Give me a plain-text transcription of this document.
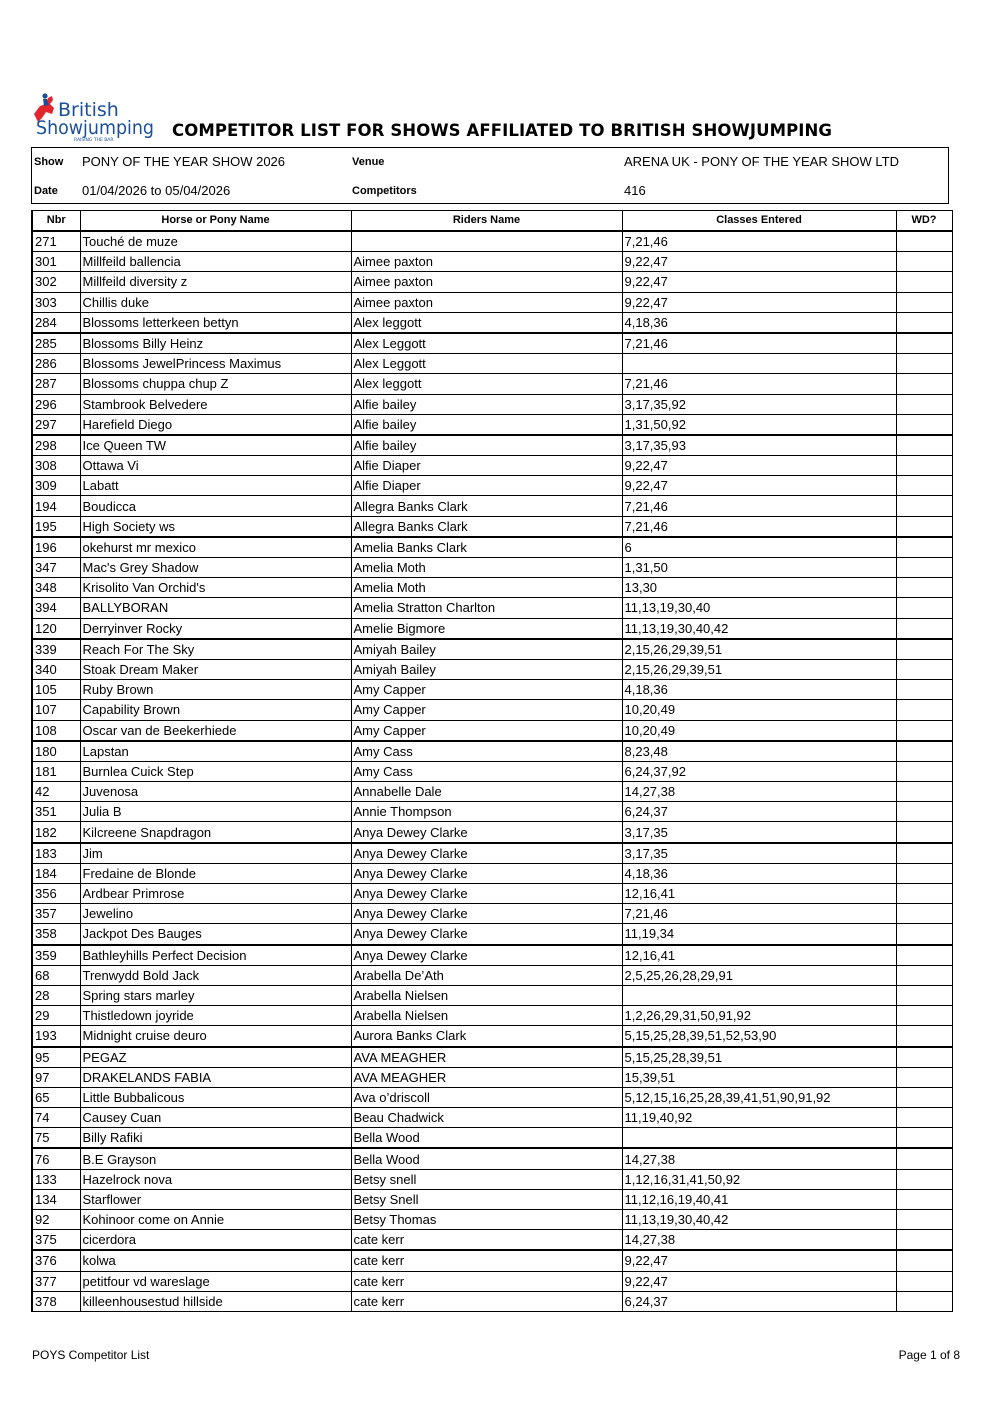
British
Showjumping
RAISING THE BAR
COMPETITOR LIST FOR SHOWS AFFILIATED TO BRITISH SHOWJUMPING
Show PONY OF THE YEAR SHOW 2026	Venue	ARENA UK - PONY OF THE YEAR SHOW LTD
Date 01/04/2026 to 05/04/2026	Competitors	416
Nbr	Horse or Pony Name	Riders Name	Classes Entered	WD?
271	Touché de muze		7,21,46	
301	Millfeild ballencia	Aimee paxton	9,22,47	
302	Millfeild diversity z	Aimee paxton	9,22,47	
303	Chillis duke	Aimee paxton	9,22,47	
284	Blossoms letterkeen bettyn	Alex leggott	4,18,36	
285	Blossoms Billy Heinz	Alex Leggott	7,21,46	
286	Blossoms JewelPrincess Maximus	Alex Leggott		
287	Blossoms chuppa chup Z	Alex leggott	7,21,46	
296	Stambrook Belvedere	Alfie bailey	3,17,35,92	
297	Harefield Diego	Alfie bailey	1,31,50,92	
298	Ice Queen TW	Alfie bailey	3,17,35,93	
308	Ottawa Vi	Alfie Diaper	9,22,47	
309	Labatt	Alfie Diaper	9,22,47	
194	Boudicca	Allegra Banks Clark	7,21,46	
195	High Society ws	Allegra Banks Clark	7,21,46	
196	okehurst mr mexico	Amelia Banks Clark	6	
347	Mac's Grey Shadow	Amelia Moth	1,31,50	
348	Krisolito Van Orchid's	Amelia Moth	13,30	
394	BALLYBORAN	Amelia Stratton Charlton	11,13,19,30,40	
120	Derryinver Rocky	Amelie Bigmore	11,13,19,30,40,42	
339	Reach For The Sky	Amiyah Bailey	2,15,26,29,39,51	
340	Stoak Dream Maker	Amiyah Bailey	2,15,26,29,39,51	
105	Ruby Brown	Amy Capper	4,18,36	
107	Capability Brown	Amy Capper	10,20,49	
108	Oscar van de Beekerhiede	Amy Capper	10,20,49	
180	Lapstan	Amy Cass	8,23,48	
181	Burnlea Cuick Step	Amy Cass	6,24,37,92	
42	Juvenosa	Annabelle Dale	14,27,38	
351	Julia B	Annie Thompson	6,24,37	
182	Kilcreene Snapdragon	Anya Dewey Clarke	3,17,35	
183	Jim	Anya Dewey Clarke	3,17,35	
184	Fredaine de Blonde	Anya Dewey Clarke	4,18,36	
356	Ardbear Primrose	Anya Dewey Clarke	12,16,41	
357	Jewelino	Anya Dewey Clarke	7,21,46	
358	Jackpot Des Bauges	Anya Dewey Clarke	11,19,34	
359	Bathleyhills Perfect Decision	Anya Dewey Clarke	12,16,41	
68	Trenwydd Bold Jack	Arabella De’Ath	2,5,25,26,28,29,91	
28	Spring stars marley	Arabella Nielsen		
29	Thistledown joyride	Arabella Nielsen	1,2,26,29,31,50,91,92	
193	Midnight cruise deuro	Aurora Banks Clark	5,15,25,28,39,51,52,53,90	
95	PEGAZ	AVA MEAGHER	5,15,25,28,39,51	
97	DRAKELANDS FABIA	AVA MEAGHER	15,39,51	
65	Little Bubbalicous	Ava o’driscoll	5,12,15,16,25,28,39,41,51,90,91,92	
74	Causey Cuan	Beau Chadwick	11,19,40,92	
75	Billy Rafiki	Bella Wood		
76	B.E Grayson	Bella Wood	14,27,38	
133	Hazelrock nova	Betsy snell	1,12,16,31,41,50,92	
134	Starflower	Betsy Snell	11,12,16,19,40,41	
92	Kohinoor come on Annie	Betsy Thomas	11,13,19,30,40,42	
375	cicerdora	cate kerr	14,27,38	
376	kolwa	cate kerr	9,22,47	
377	petitfour vd wareslage	cate kerr	9,22,47	
378	killeenhousestud hillside	cate kerr	6,24,37	
POYS Competitor List	Page 1 of 8
